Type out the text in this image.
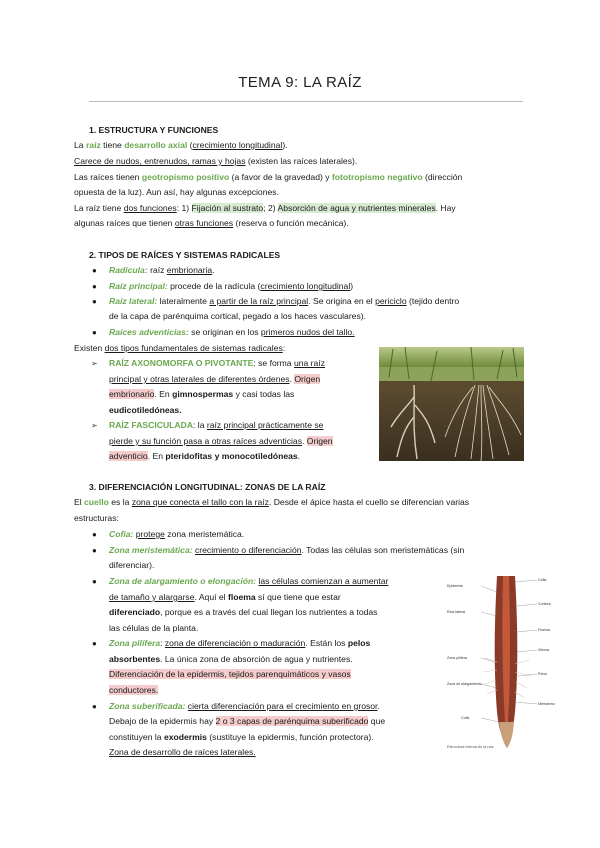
TEMA 9: LA RAÍZ
1. ESTRUCTURA Y FUNCIONES
La raíz tiene desarrollo axial (crecimiento longitudinal).
Carece de nudos, entrenudos, ramas y hojas (existen las raíces laterales).
Las raíces tienen geotropismo positivo (a favor de la gravedad) y fototropismo negativo (dirección
opuesta de la luz). Aun así, hay algunas excepciones.
La raíz tiene dos funciones: 1) Fijación al sustrato; 2) Absorción de agua y nutrientes minerales. Hay
algunas raíces que tienen otras funciones (reserva o función mecánica).
2. TIPOS DE RAÍCES Y SISTEMAS RADICALES
● Radícula: raíz embrionaria.
● Raíz principal: procede de la radícula (crecimiento longitudinal)
● Raíz lateral: lateralmente a partir de la raíz principal. Se origina en el periciclo (tejido dentro
de la capa de parénquima cortical, pegado a los haces vasculares).
● Raíces adventicias: se originan en los primeros nudos del tallo.
Existen dos tipos fundamentales de sistemas radicales:
➢ RAÍZ AXONOMORFA O PIVOTANTE: se forma una raíz
principal y otras laterales de diferentes órdenes. Origen
embrionario. En gimnospermas y casi todas las
eudicotiledóneas.
➢ RAÍZ FASCICULADA: la raíz principal prácticamente se
pierde y su función pasa a otras raíces adventicias. Origen
adventicio. En pteridofitas y monocotiledóneas.
3. DIFERENCIACIÓN LONGITUDINAL: ZONAS DE LA RAÍZ
El cuello es la zona que conecta el tallo con la raíz. Desde el ápice hasta el cuello se diferencian varias
estructuras:
● Cofia: protege zona meristemática.
● Zona meristemática: crecimiento o diferenciación. Todas las células son meristemáticas (sin
diferenciar).
● Zona de alargamiento o elongación: las células comienzan a aumentar
de tamaño y alargarse. Aquí el floema sí que tiene que estar
diferenciado, porque es a través del cual llegan los nutrientes a todas
las células de la planta.
● Zona pilífera: zona de diferenciación o maduración. Están los pelos
absorbentes. La única zona de absorción de agua y nutrientes.
Diferenciación de la epidermis, tejidos parenquimáticos y vasos
conductores.
● Zona suberificada: cierta diferenciación para el crecimiento en grosor.
Debajo de la epidermis hay 2 o 3 capas de parénquima suberificado que
constituyen la exodermis (sustituye la epidermis, función protectora).
Zona de desarrollo de raíces laterales.
Epidermis
Raíz lateral
Zona pilífera
Zona de alargamiento
Cofia
Cofia
Corteza
Floema
Xilema
Pelos
Meristemo
Estructura interna de la raíz
